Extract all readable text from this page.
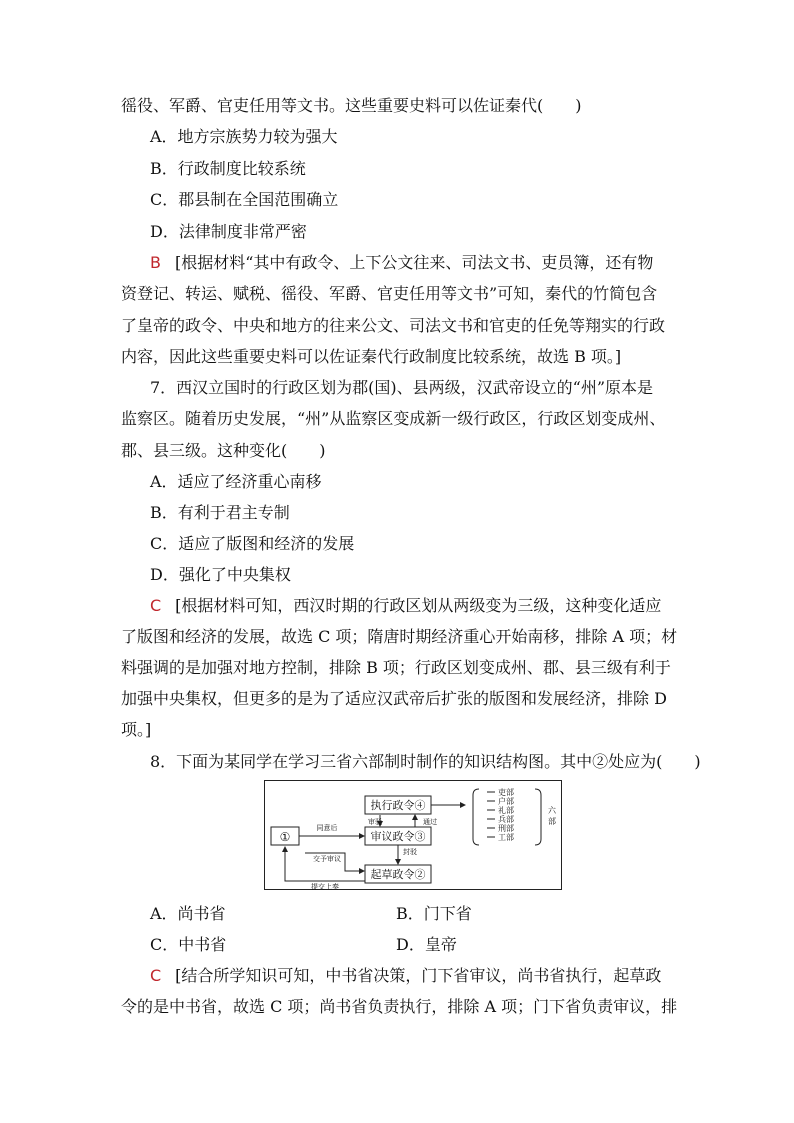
徭役、军爵、官吏任用等文书。这些重要史料可以佐证秦代(　　)
A．地方宗族势力较为强大
B．行政制度比较系统
C．郡县制在全国范围确立
D．法律制度非常严密
B [根据材料“其中有政令、上下公文往来、司法文书、吏员簿，还有物
资登记、转运、赋税、徭役、军爵、官吏任用等文书”可知，秦代的竹简包含
了皇帝的政令、中央和地方的往来公文、司法文书和官吏的任免等翔实的行政
内容，因此这些重要史料可以佐证秦代行政制度比较系统，故选 B 项。]
7．西汉立国时的行政区划为郡(国)、县两级，汉武帝设立的“州”原本是
监察区。随着历史发展，“州”从监察区变成新一级行政区，行政区划变成州、
郡、县三级。这种变化(　　)
A．适应了经济重心南移
B．有利于君主专制
C．适应了版图和经济的发展
D．强化了中央集权
C [根据材料可知，西汉时期的行政区划从两级变为三级，这种变化适应
了版图和经济的发展，故选 C 项；隋唐时期经济重心开始南移，排除 A 项；材
料强调的是加强对地方控制，排除 B 项；行政区划变成州、郡、县三级有利于
加强中央集权，但更多的是为了适应汉武帝后扩张的版图和发展经济，排除 D
项。]
8．下面为某同学在学习三省六部制时制作的知识结构图。其中②处应为(　　)
①
执行政令④
审议政令③
起草政令②
同意后
提交上奏
交予审议
通过
审驳
封驳
吏部
户部
礼部
兵部
刑部
工部
六
部
A．尚书省	B．门下省
C．中书省	D．皇帝
C [结合所学知识可知，中书省决策，门下省审议，尚书省执行，起草政
令的是中书省，故选 C 项；尚书省负责执行，排除 A 项；门下省负责审议，排
